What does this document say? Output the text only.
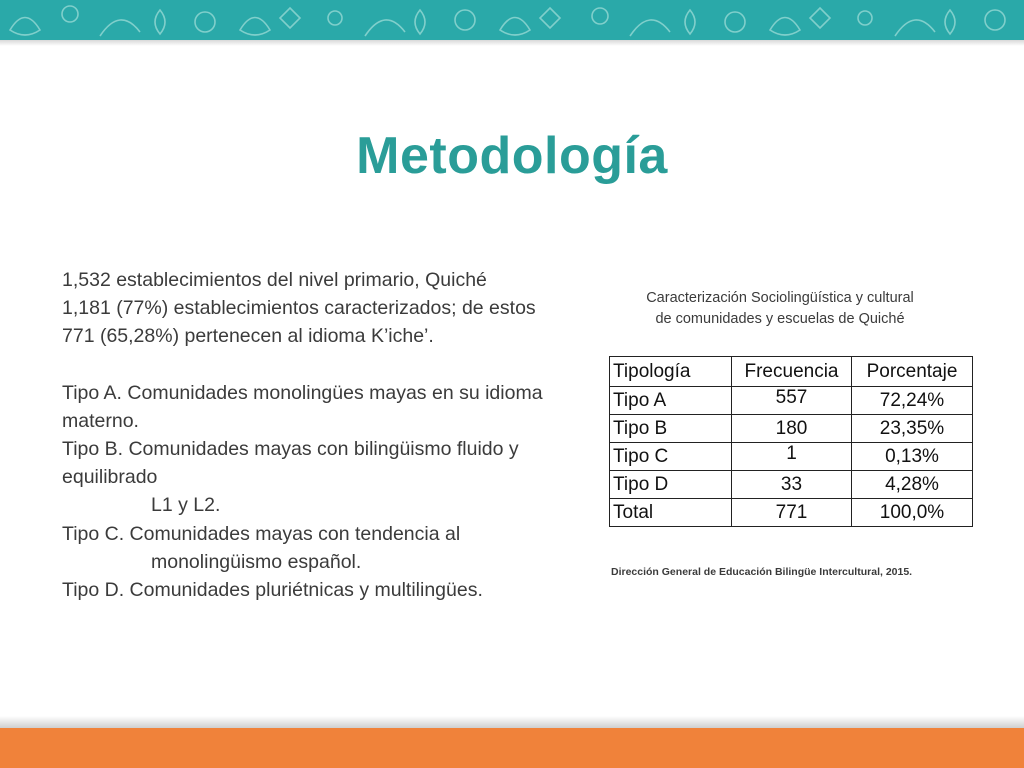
Metodología

1,532 establecimientos del nivel primario, Quiché

1,181 (77%) establecimientos caracterizados; de estos

771 (65,28%) pertenecen al idioma K’iche’.

Tipo A. Comunidades monolingües mayas en su idioma materno.

Tipo B. Comunidades mayas con bilingüismo fluido y equilibrado

L1 y L2.

Tipo C. Comunidades mayas con tendencia al

monolingüismo español.

Tipo D. Comunidades pluriétnicas y multilingües.

Caracterización Sociolingüística y cultural
de comunidades y escuelas de Quiché
Tipología	Frecuencia	Porcentaje
Tipo A	557	72,24%
Tipo B	180	23,35%
Tipo C	1	0,13%
Tipo D	33	4,28%
Total	771	100,0%
Dirección General de Educación Bilingüe Intercultural, 2015.
